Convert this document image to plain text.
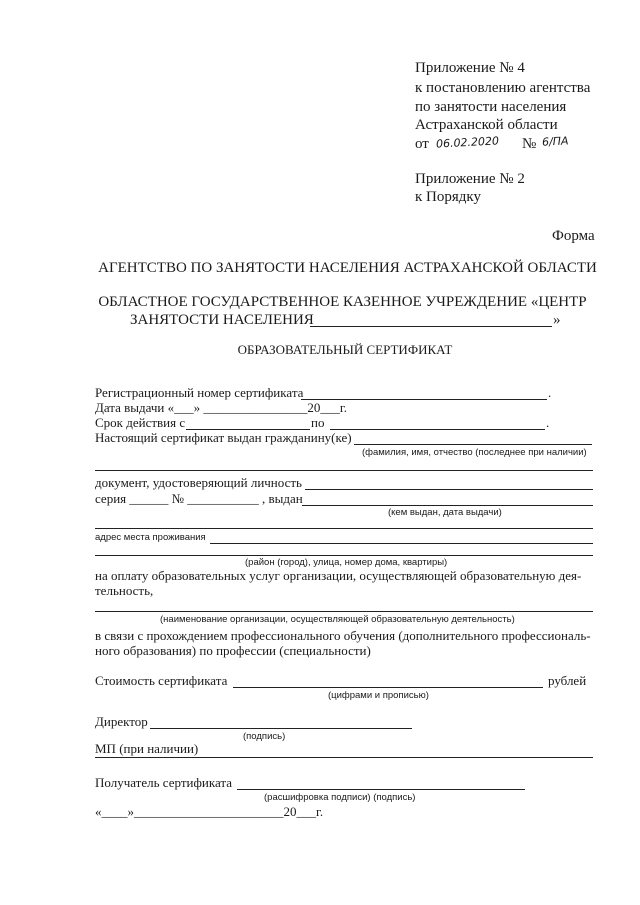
Приложение № 4
к постановлению агентства
по занятости населения
Астраханской области
от 06.02.2020 № 6/ПА
Приложение № 2
к Порядку
Форма
АГЕНТСТВО ПО ЗАНЯТОСТИ НАСЕЛЕНИЯ АСТРАХАНСКОЙ ОБЛАСТИ
ОБЛАСТНОЕ ГОСУДАРСТВЕННОЕ КАЗЕННОЕ УЧРЕЖДЕНИЕ «ЦЕНТР
ЗАНЯТОСТИ НАСЕЛЕНИЯ	»
ОБРАЗОВАТЕЛЬНЫЙ СЕРТИФИКАТ
Регистрационный номер сертификата	.
Дата выдачи «___» ________________20___г.
Срок действия с	по	.
Настоящий сертификат выдан гражданину(ке)
(фамилия, имя, отчество (последнее при наличии)
документ, удостоверяющий личность
серия ______ № ___________ , выдан
(кем выдан, дата выдачи)
адрес места проживания
(район (город), улица, номер дома, квартиры)
на оплату образовательных услуг организации, осуществляющей образовательную дея-
тельность,
(наименование организации, осуществляющей образовательную деятельность)
в связи с прохождением профессионального обучения (дополнительного профессиональ-
ного образования) по профессии (специальности)
Стоимость сертификата	рублей
(цифрами и прописью)
Директор
(подпись)
МП (при наличии)
Получатель сертификата
(расшифровка подписи) (подпись)
«____»_______________________20___г.
